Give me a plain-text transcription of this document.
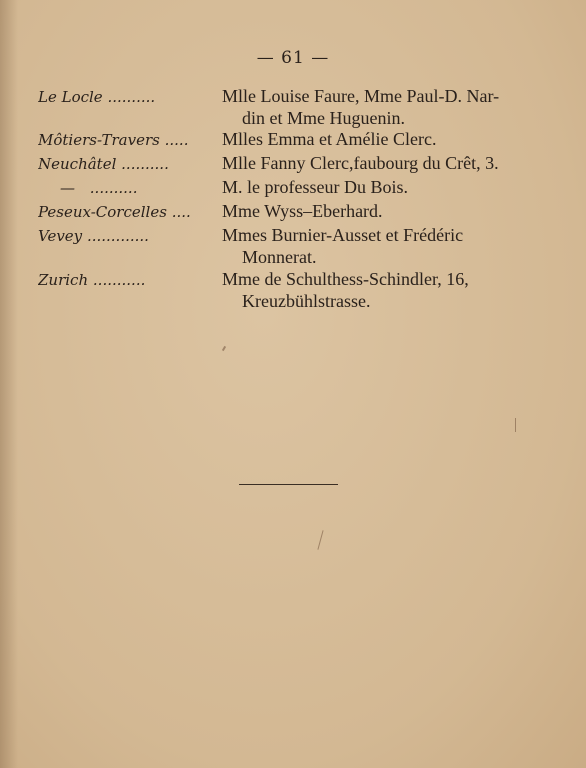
— 61 —
Le Locle ..........	Mlle Louise Faure, Mme Paul-D. Nar-
din et Mme Huguenin.
Môtiers-Travers .....	Mlles Emma et Amélie Clerc.
Neuchâtel ..........	Mlle Fanny Clerc,faubourg du Crêt, 3.
— ..........	M. le professeur Du Bois.
Peseux-Corcelles ....	Mme Wyss–Eberhard.
Vevey .............	Mmes Burnier-Ausset et Frédéric
Monnerat.
Zurich ...........	Mme de Schulthess-Schindler, 16,
Kreuzbühlstrasse.
